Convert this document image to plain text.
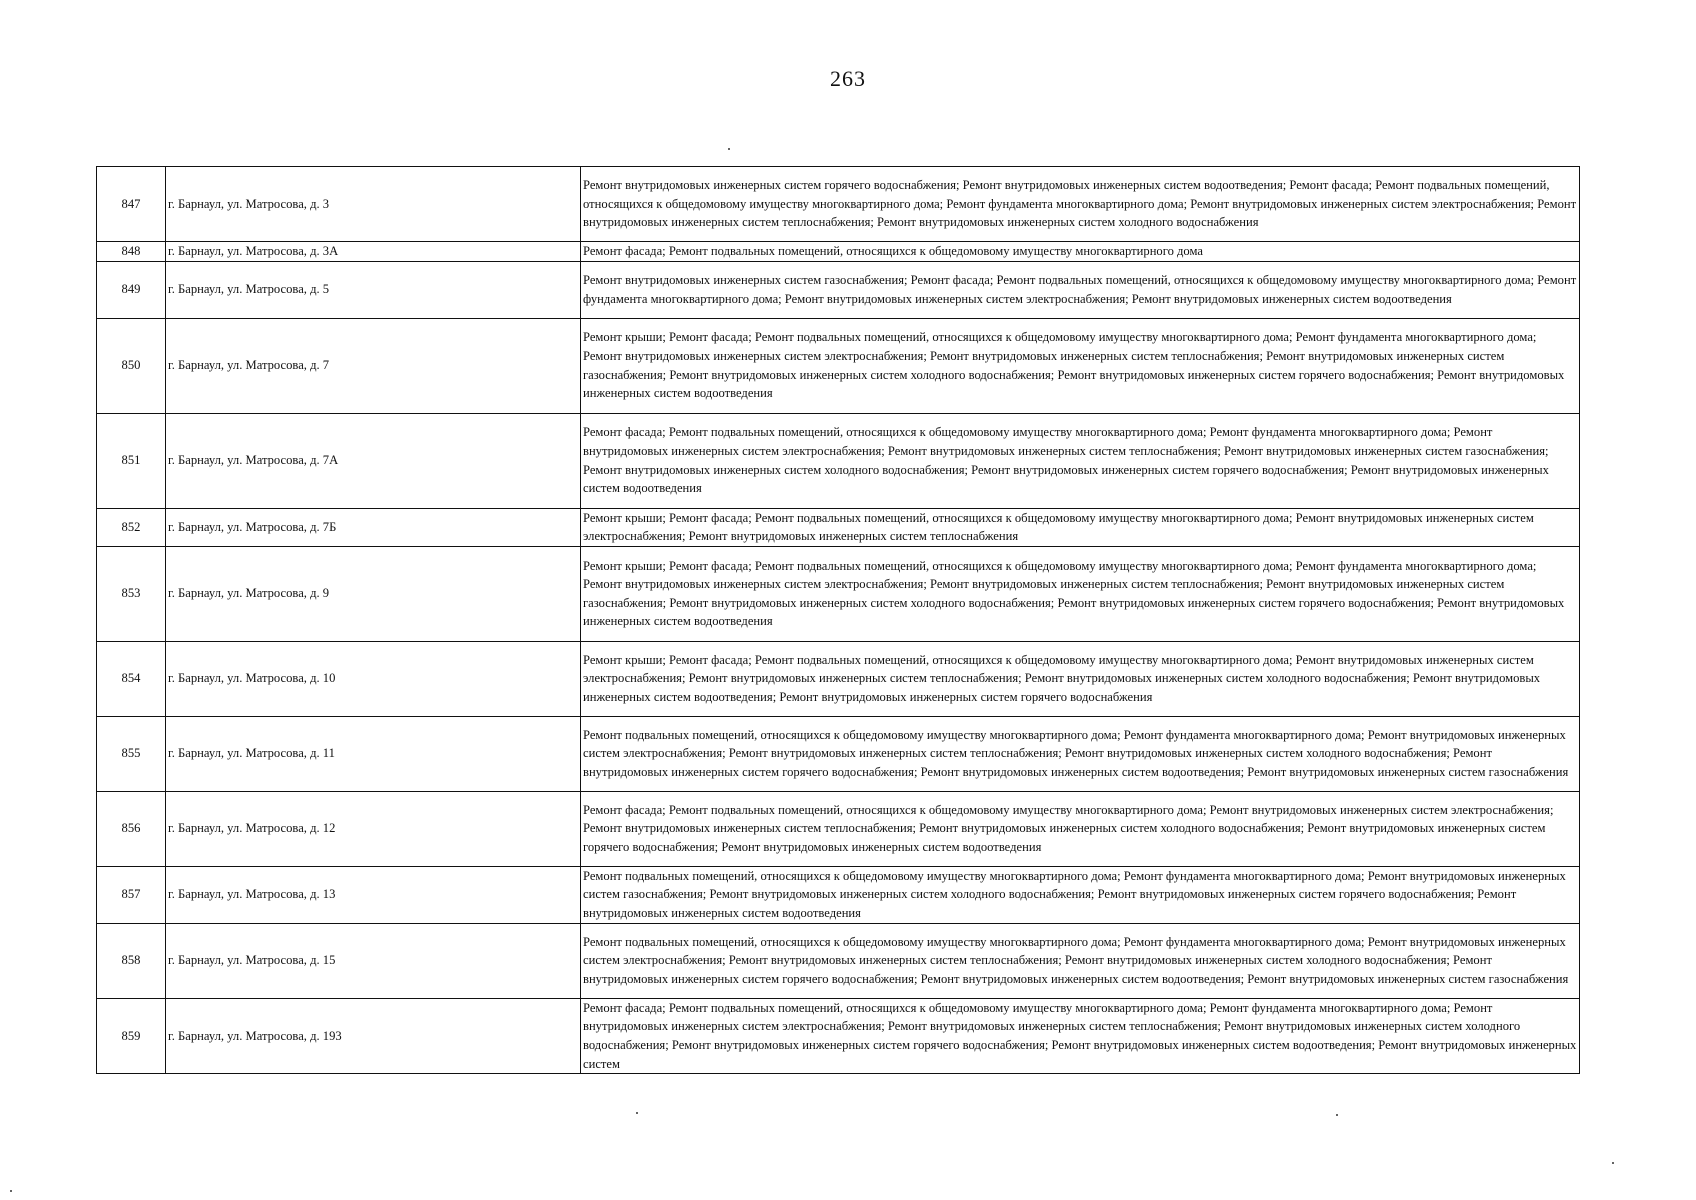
263
847	г. Барнаул, ул. Матросова, д. 3	Ремонт внутридомовых инженерных систем горячего водоснабжения; Ремонт внутридомовых инженерных систем водоотведения; Ремонт фасада; Ремонт подвальных помещений, относящихся к общедомовому имуществу многоквартирного дома; Ремонт фундамента многоквартирного дома; Ремонт внутридомовых инженерных систем электроснабжения; Ремонт внутридомовых инженерных систем теплоснабжения; Ремонт внутридомовых инженерных систем холодного водоснабжения
848	г. Барнаул, ул. Матросова, д. 3А	Ремонт фасада; Ремонт подвальных помещений, относящихся к общедомовому имуществу многоквартирного дома
849	г. Барнаул, ул. Матросова, д. 5	Ремонт внутридомовых инженерных систем газоснабжения; Ремонт фасада; Ремонт подвальных помещений, относящихся к общедомовому имуществу многоквартирного дома; Ремонт фундамента многоквартирного дома; Ремонт внутридомовых инженерных систем электроснабжения; Ремонт внутридомовых инженерных систем водоотведения
850	г. Барнаул, ул. Матросова, д. 7	Ремонт крыши; Ремонт фасада; Ремонт подвальных помещений, относящихся к общедомовому имуществу многоквартирного дома; Ремонт фундамента многоквартирного дома; Ремонт внутридомовых инженерных систем электроснабжения; Ремонт внутридомовых инженерных систем теплоснабжения; Ремонт внутридомовых инженерных систем газоснабжения; Ремонт внутридомовых инженерных систем холодного водоснабжения; Ремонт внутридомовых инженерных систем горячего водоснабжения; Ремонт внутридомовых инженерных систем водоотведения
851	г. Барнаул, ул. Матросова, д. 7А	Ремонт фасада; Ремонт подвальных помещений, относящихся к общедомовому имуществу многоквартирного дома; Ремонт фундамента многоквартирного дома; Ремонт внутридомовых инженерных систем электроснабжения; Ремонт внутридомовых инженерных систем теплоснабжения; Ремонт внутридомовых инженерных систем газоснабжения; Ремонт внутридомовых инженерных систем холодного водоснабжения; Ремонт внутридомовых инженерных систем горячего водоснабжения; Ремонт внутридомовых инженерных систем водоотведения
852	г. Барнаул, ул. Матросова, д. 7Б	Ремонт крыши; Ремонт фасада; Ремонт подвальных помещений, относящихся к общедомовому имуществу многоквартирного дома; Ремонт внутридомовых инженерных систем электроснабжения; Ремонт внутридомовых инженерных систем теплоснабжения
853	г. Барнаул, ул. Матросова, д. 9	Ремонт крыши; Ремонт фасада; Ремонт подвальных помещений, относящихся к общедомовому имуществу многоквартирного дома; Ремонт фундамента многоквартирного дома; Ремонт внутридомовых инженерных систем электроснабжения; Ремонт внутридомовых инженерных систем теплоснабжения; Ремонт внутридомовых инженерных систем газоснабжения; Ремонт внутридомовых инженерных систем холодного водоснабжения; Ремонт внутридомовых инженерных систем горячего водоснабжения; Ремонт внутридомовых инженерных систем водоотведения
854	г. Барнаул, ул. Матросова, д. 10	Ремонт крыши; Ремонт фасада; Ремонт подвальных помещений, относящихся к общедомовому имуществу многоквартирного дома; Ремонт внутридомовых инженерных систем электроснабжения; Ремонт внутридомовых инженерных систем теплоснабжения; Ремонт внутридомовых инженерных систем холодного водоснабжения; Ремонт внутридомовых инженерных систем водоотведения; Ремонт внутридомовых инженерных систем горячего водоснабжения
855	г. Барнаул, ул. Матросова, д. 11	Ремонт подвальных помещений, относящихся к общедомовому имуществу многоквартирного дома; Ремонт фундамента многоквартирного дома; Ремонт внутридомовых инженерных систем электроснабжения; Ремонт внутридомовых инженерных систем теплоснабжения; Ремонт внутридомовых инженерных систем холодного водоснабжения; Ремонт внутридомовых инженерных систем горячего водоснабжения; Ремонт внутридомовых инженерных систем водоотведения; Ремонт внутридомовых инженерных систем газоснабжения
856	г. Барнаул, ул. Матросова, д. 12	Ремонт фасада; Ремонт подвальных помещений, относящихся к общедомовому имуществу многоквартирного дома; Ремонт внутридомовых инженерных систем электроснабжения; Ремонт внутридомовых инженерных систем теплоснабжения; Ремонт внутридомовых инженерных систем холодного водоснабжения; Ремонт внутридомовых инженерных систем горячего водоснабжения; Ремонт внутридомовых инженерных систем водоотведения
857	г. Барнаул, ул. Матросова, д. 13	Ремонт подвальных помещений, относящихся к общедомовому имуществу многоквартирного дома; Ремонт фундамента многоквартирного дома; Ремонт внутридомовых инженерных систем газоснабжения; Ремонт внутридомовых инженерных систем холодного водоснабжения; Ремонт внутридомовых инженерных систем горячего водоснабжения; Ремонт внутридомовых инженерных систем водоотведения
858	г. Барнаул, ул. Матросова, д. 15	Ремонт подвальных помещений, относящихся к общедомовому имуществу многоквартирного дома; Ремонт фундамента многоквартирного дома; Ремонт внутридомовых инженерных систем электроснабжения; Ремонт внутридомовых инженерных систем теплоснабжения; Ремонт внутридомовых инженерных систем холодного водоснабжения; Ремонт внутридомовых инженерных систем горячего водоснабжения; Ремонт внутридомовых инженерных систем водоотведения; Ремонт внутридомовых инженерных систем газоснабжения
859	г. Барнаул, ул. Матросова, д. 193	Ремонт фасада; Ремонт подвальных помещений, относящихся к общедомовому имуществу многоквартирного дома; Ремонт фундамента многоквартирного дома; Ремонт внутридомовых инженерных систем электроснабжения; Ремонт внутридомовых инженерных систем теплоснабжения; Ремонт внутридомовых инженерных систем холодного водоснабжения; Ремонт внутридомовых инженерных систем горячего водоснабжения; Ремонт внутридомовых инженерных систем водоотведения; Ремонт внутридомовых инженерных систем
